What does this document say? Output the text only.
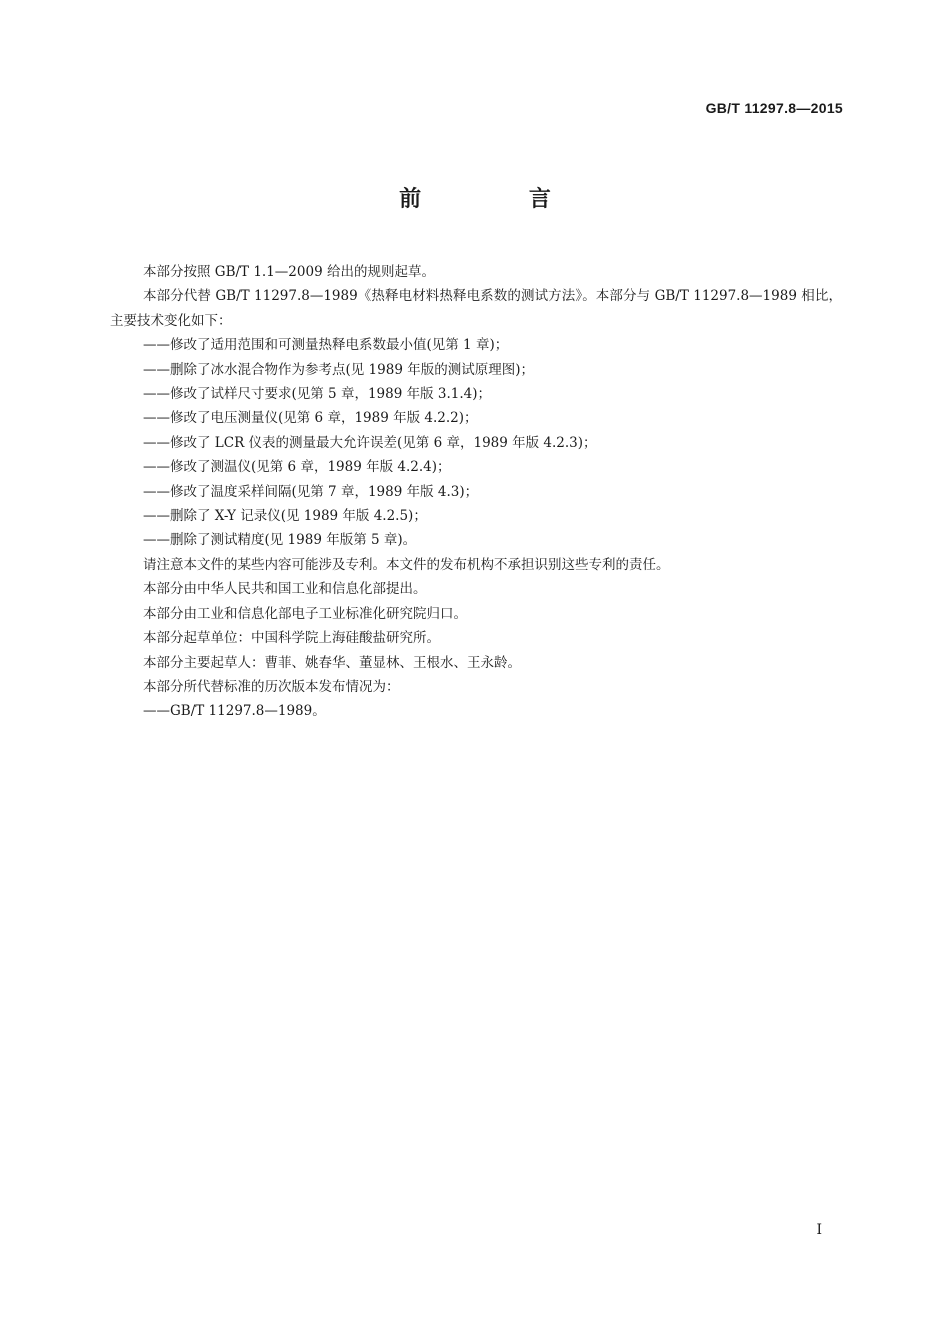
GB/T 11297.8—2015
前 言

本部分按照 GB/T 1.1—2009 给出的规则起草。

本部分代替 GB/T 11297.8—1989《热释电材料热释电系数的测试方法》。本部分与 GB/T 11297.8—1989 相比，主要技术变化如下：

——修改了适用范围和可测量热释电系数最小值(见第 1 章)；

——删除了冰水混合物作为参考点(见 1989 年版的测试原理图)；

——修改了试样尺寸要求(见第 5 章，1989 年版 3.1.4)；

——修改了电压测量仪(见第 6 章，1989 年版 4.2.2)；

——修改了 LCR 仪表的测量最大允许误差(见第 6 章，1989 年版 4.2.3)；

——修改了测温仪(见第 6 章，1989 年版 4.2.4)；

——修改了温度采样间隔(见第 7 章，1989 年版 4.3)；

——删除了 X-Y 记录仪(见 1989 年版 4.2.5)；

——删除了测试精度(见 1989 年版第 5 章)。

请注意本文件的某些内容可能涉及专利。本文件的发布机构不承担识别这些专利的责任。

本部分由中华人民共和国工业和信息化部提出。

本部分由工业和信息化部电子工业标准化研究院归口。

本部分起草单位：中国科学院上海硅酸盐研究所。

本部分主要起草人：曹菲、姚春华、董显林、王根水、王永龄。

本部分所代替标准的历次版本发布情况为：

——GB/T 11297.8—1989。

I
